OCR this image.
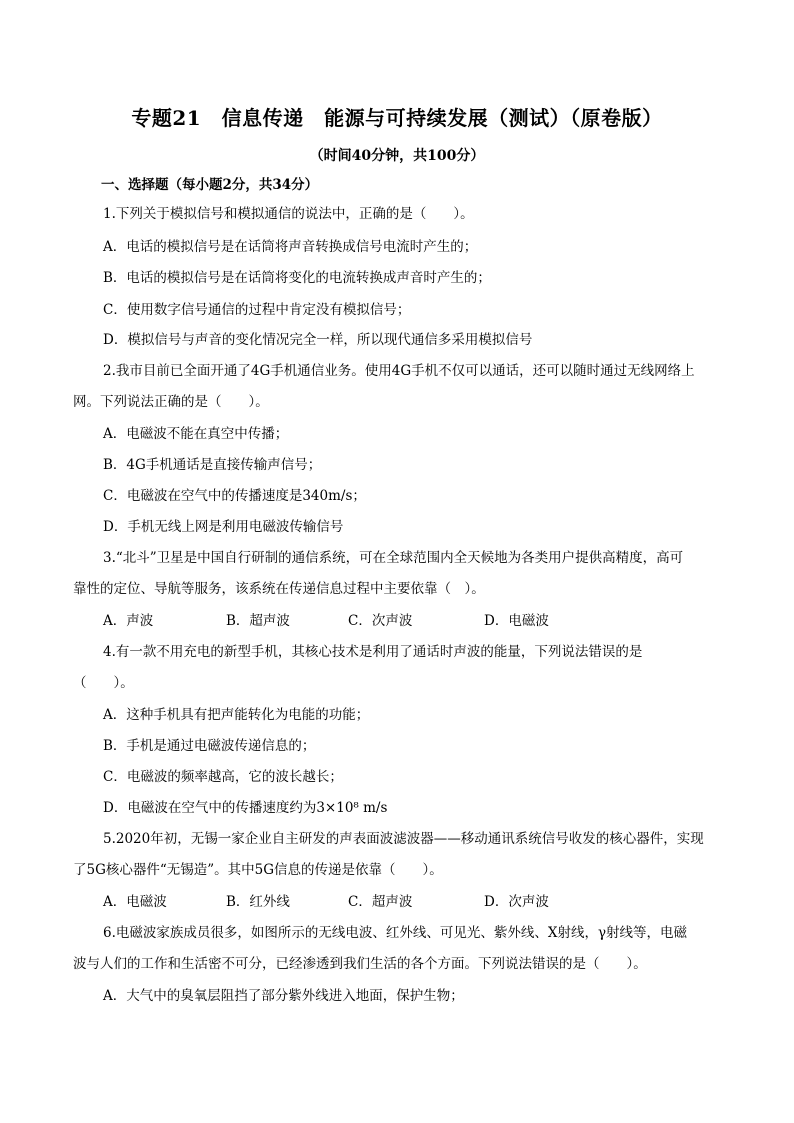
专题21　信息传递　能源与可持续发展（测试）（原卷版）
（时间40分钟，共100分）
一、选择题（每小题2分，共34分）
1.下列关于模拟信号和模拟通信的说法中，正确的是（　　）。
A．电话的模拟信号是在话筒将声音转换成信号电流时产生的；
B．电话的模拟信号是在话筒将变化的电流转换成声音时产生的；
C．使用数字信号通信的过程中肯定没有模拟信号；
D．模拟信号与声音的变化情况完全一样，所以现代通信多采用模拟信号
2.我市目前已全面开通了4G手机通信业务。使用4G手机不仅可以通话，还可以随时通过无线网络上
网。下列说法正确的是（　　）。
A．电磁波不能在真空中传播；
B．4G手机通话是直接传输声信号；
C．电磁波在空气中的传播速度是340m/s；
D．手机无线上网是利用电磁波传输信号
3.“北斗”卫星是中国自行研制的通信系统，可在全球范围内全天候地为各类用户提供高精度，高可
靠性的定位、导航等服务，该系统在传递信息过程中主要依靠（　）。
A．声波	B．超声波	C．次声波	D．电磁波
4.有一款不用充电的新型手机，其核心技术是利用了通话时声波的能量，下列说法错误的是
（　　）。
A．这种手机具有把声能转化为电能的功能；
B．手机是通过电磁波传递信息的；
C．电磁波的频率越高，它的波长越长；
D．电磁波在空气中的传播速度约为3×10⁸ m/s
5.2020年初，无锡一家企业自主研发的声表面波滤波器——移动通讯系统信号收发的核心器件，实现
了5G核心器件“无锡造”。其中5G信息的传递是依靠（　　）。
A．电磁波	B．红外线	C．超声波	D．次声波
6.电磁波家族成员很多，如图所示的无线电波、红外线、可见光、紫外线、X射线，γ射线等，电磁
波与人们的工作和生活密不可分，已经渗透到我们生活的各个方面。下列说法错误的是（　　）。
A．大气中的臭氧层阻挡了部分紫外线进入地面，保护生物；
